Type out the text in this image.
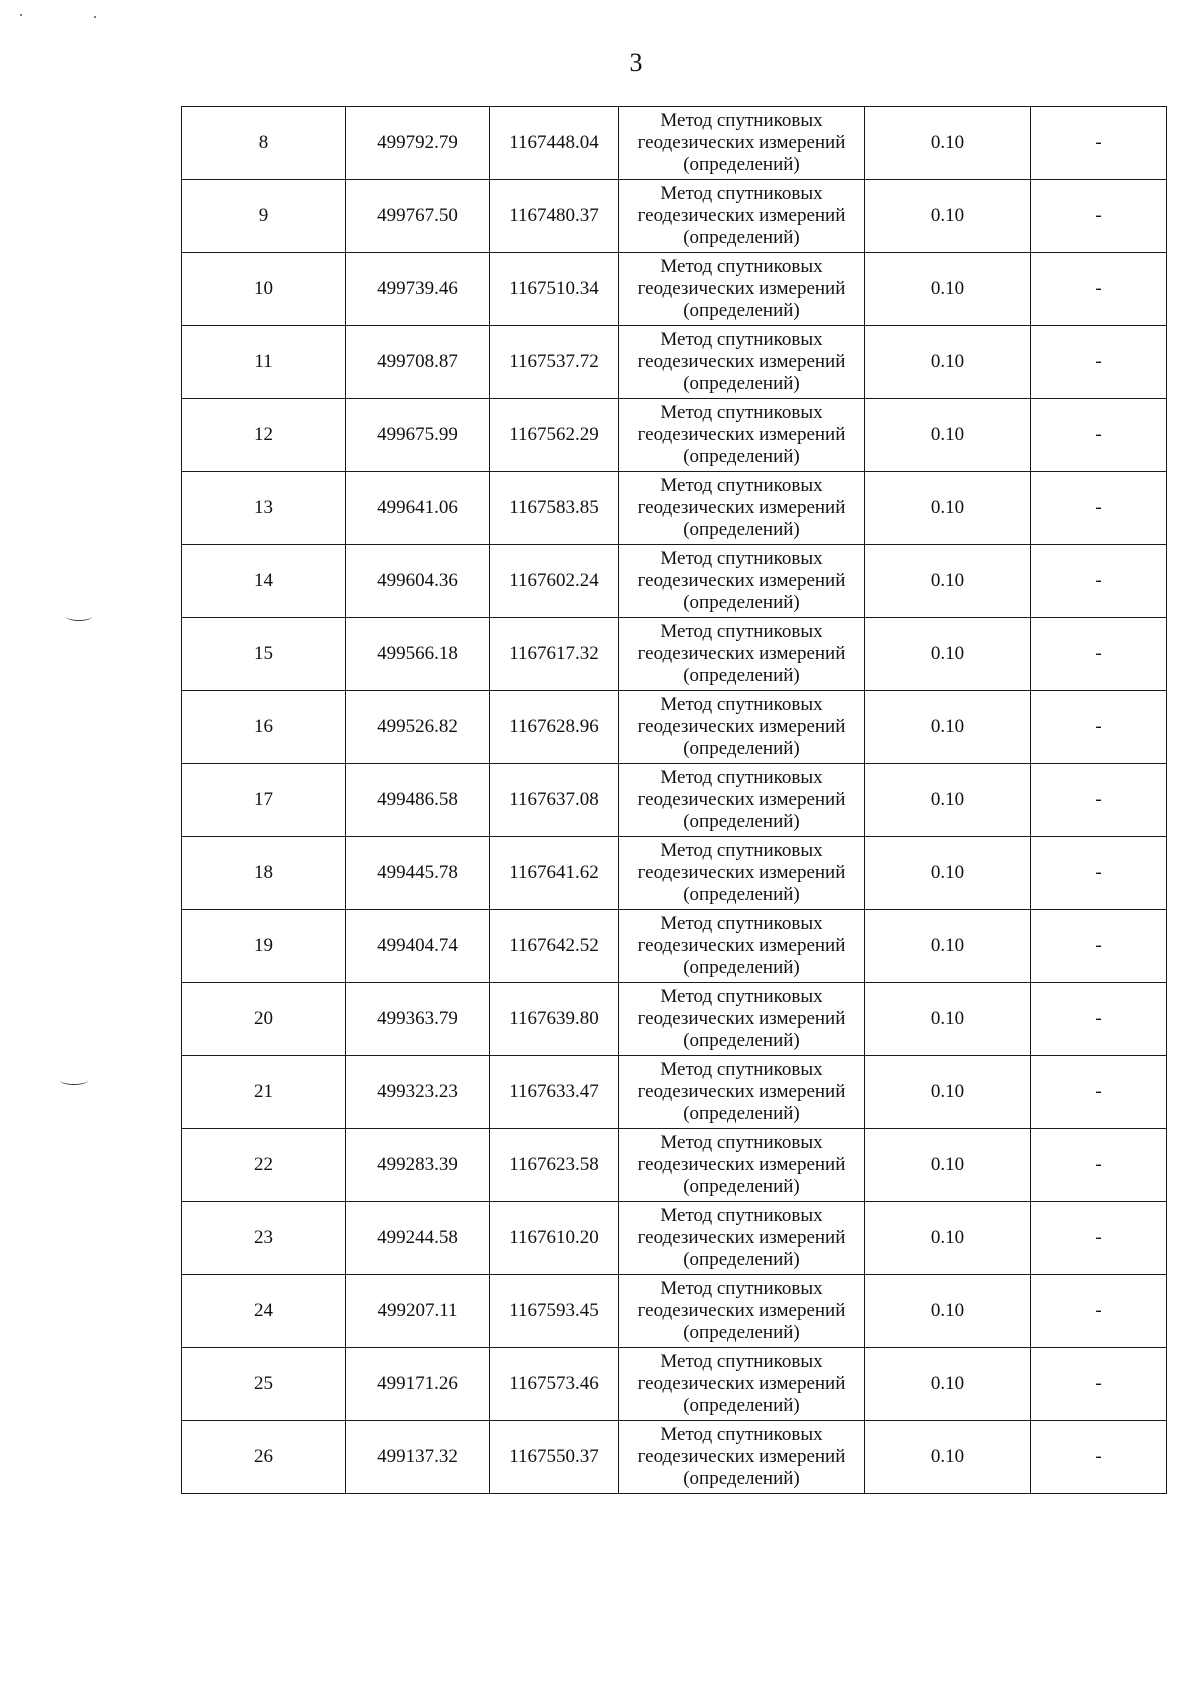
3
8	499792.79	1167448.04	Метод спутниковых
геодезических измерений
(определений)	0.10	-
9	499767.50	1167480.37	Метод спутниковых
геодезических измерений
(определений)	0.10	-
10	499739.46	1167510.34	Метод спутниковых
геодезических измерений
(определений)	0.10	-
11	499708.87	1167537.72	Метод спутниковых
геодезических измерений
(определений)	0.10	-
12	499675.99	1167562.29	Метод спутниковых
геодезических измерений
(определений)	0.10	-
13	499641.06	1167583.85	Метод спутниковых
геодезических измерений
(определений)	0.10	-
14	499604.36	1167602.24	Метод спутниковых
геодезических измерений
(определений)	0.10	-
15	499566.18	1167617.32	Метод спутниковых
геодезических измерений
(определений)	0.10	-
16	499526.82	1167628.96	Метод спутниковых
геодезических измерений
(определений)	0.10	-
17	499486.58	1167637.08	Метод спутниковых
геодезических измерений
(определений)	0.10	-
18	499445.78	1167641.62	Метод спутниковых
геодезических измерений
(определений)	0.10	-
19	499404.74	1167642.52	Метод спутниковых
геодезических измерений
(определений)	0.10	-
20	499363.79	1167639.80	Метод спутниковых
геодезических измерений
(определений)	0.10	-
21	499323.23	1167633.47	Метод спутниковых
геодезических измерений
(определений)	0.10	-
22	499283.39	1167623.58	Метод спутниковых
геодезических измерений
(определений)	0.10	-
23	499244.58	1167610.20	Метод спутниковых
геодезических измерений
(определений)	0.10	-
24	499207.11	1167593.45	Метод спутниковых
геодезических измерений
(определений)	0.10	-
25	499171.26	1167573.46	Метод спутниковых
геодезических измерений
(определений)	0.10	-
26	499137.32	1167550.37	Метод спутниковых
геодезических измерений
(определений)	0.10	-
